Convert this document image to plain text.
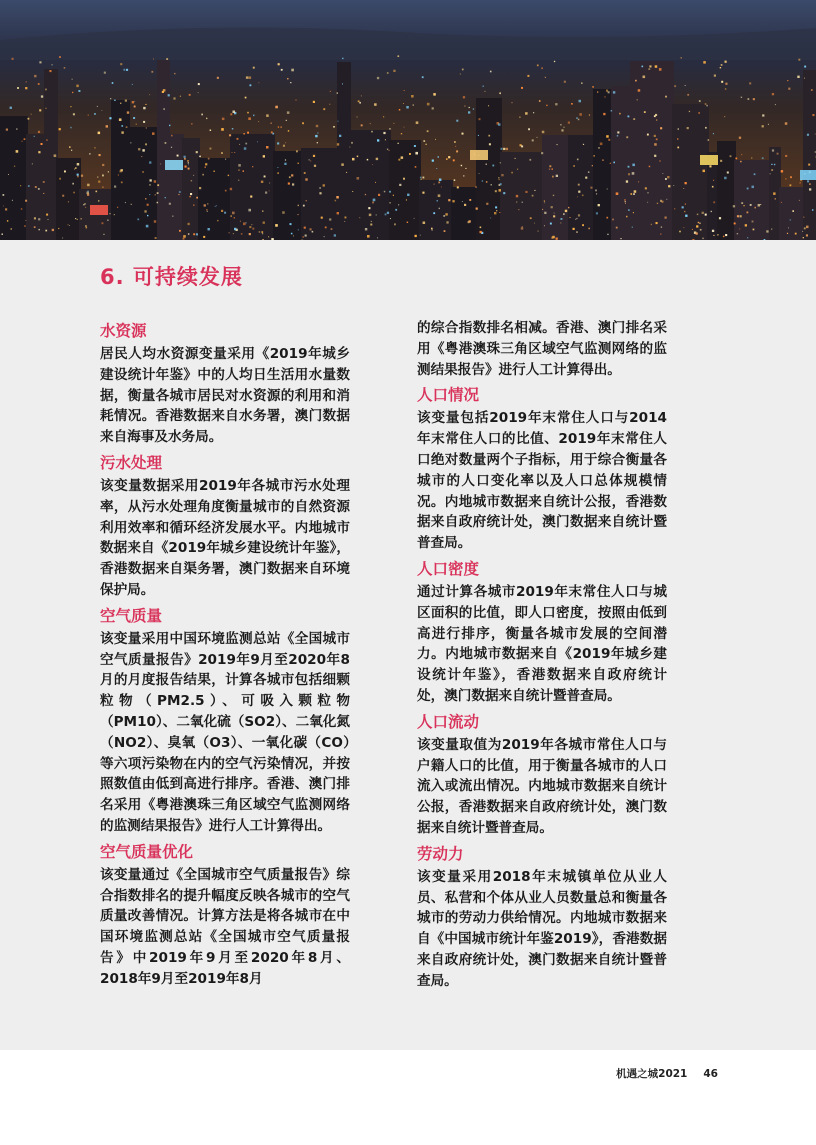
6. 可持续发展
水资源

居民人均水资源变量采用《2019年城乡建设统计年鉴》中的人均日生活用水量数据，衡量各城市居民对水资源的利用和消耗情况。香港数据来自水务署，澳门数据来自海事及水务局。

污水处理

该变量数据采用2019年各城市污水处理率，从污水处理角度衡量城市的自然资源利用效率和循环经济发展水平。内地城市数据来自《2019年城乡建设统计年鉴》，香港数据来自渠务署，澳门数据来自环境保护局。

空气质量

该变量采用中国环境监测总站《全国城市空气质量报告》2019年9月至2020年8月的月度报告结果，计算各城市包括细颗粒物（PM2.5）、可吸入颗粒物（PM10）、二氧化硫（SO2）、二氧化氮（NO2）、臭氧（O3）、一氧化碳（CO）等六项污染物在内的空气污染情况，并按照数值由低到高进行排序。香港、澳门排名采用《粤港澳珠三角区域空气监测网络的监测结果报告》进行人工计算得出。

空气质量优化

该变量通过《全国城市空气质量报告》综合指数排名的提升幅度反映各城市的空气质量改善情况。计算方法是将各城市在中国环境监测总站《全国城市空气质量报告》中2019年9月至2020年8月、2018年9月至2019年8月

的综合指数排名相减。香港、澳门排名采用《粤港澳珠三角区域空气监测网络的监测结果报告》进行人工计算得出。

人口情况

该变量包括2019年末常住人口与2014年末常住人口的比值、2019年末常住人口绝对数量两个子指标，用于综合衡量各城市的人口变化率以及人口总体规模情况。内地城市数据来自统计公报，香港数据来自政府统计处，澳门数据来自统计暨普查局。

人口密度

通过计算各城市2019年末常住人口与城区面积的比值，即人口密度，按照由低到高进行排序，衡量各城市发展的空间潜力。内地城市数据来自《2019年城乡建设统计年鉴》，香港数据来自政府统计处，澳门数据来自统计暨普查局。

人口流动

该变量取值为2019年各城市常住人口与户籍人口的比值，用于衡量各城市的人口流入或流出情况。内地城市数据来自统计公报，香港数据来自政府统计处，澳门数据来自统计暨普查局。

劳动力

该变量采用2018年末城镇单位从业人员、私营和个体从业人员数量总和衡量各城市的劳动力供给情况。内地城市数据来自《中国城市统计年鉴2019》，香港数据来自政府统计处，澳门数据来自统计暨普查局。

机遇之城2021 46
